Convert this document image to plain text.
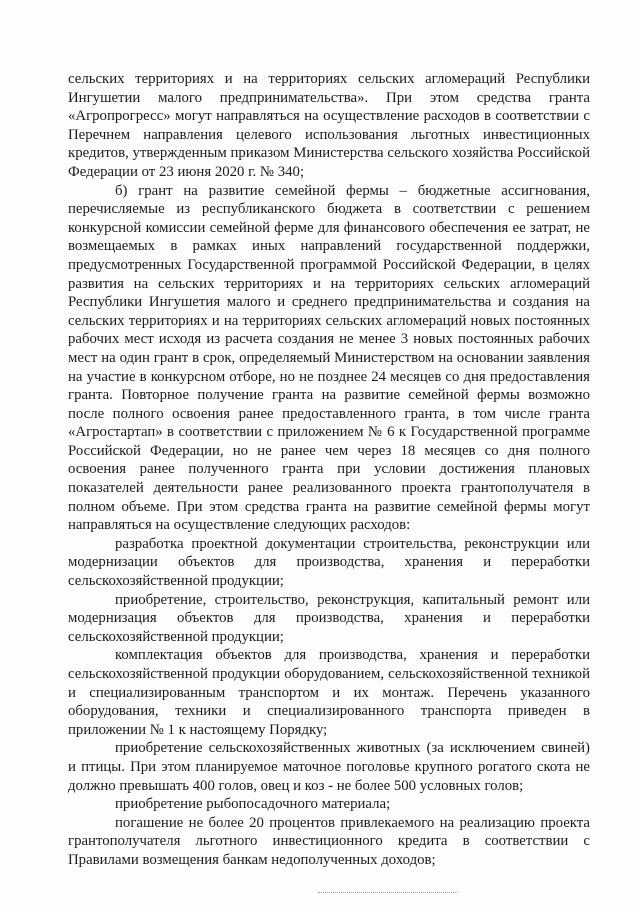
сельских территориях и на территориях сельских агломераций Республики Ингушетии малого предпринимательства». При этом средства гранта «Агропрогресс» могут направляться на осуществление расходов в соответствии с Перечнем направления целевого использования льготных инвестиционных кредитов, утвержденным приказом Министерства сельского хозяйства Российской Федерации от 23 июня 2020 г. № 340;

б) грант на развитие семейной фермы – бюджетные ассигнования, перечисляемые из республиканского бюджета в соответствии с решением конкурсной комиссии семейной ферме для финансового обеспечения ее затрат, не возмещаемых в рамках иных направлений государственной поддержки, предусмотренных Государственной программой Российской Федерации, в целях развития на сельских территориях и на территориях сельских агломераций Республики Ингушетия малого и среднего предпринимательства и создания на сельских территориях и на территориях сельских агломераций новых постоянных рабочих мест исходя из расчета создания не менее 3 новых постоянных рабочих мест на один грант в срок, определяемый Министерством на основании заявления на участие в конкурсном отборе, но не позднее 24 месяцев со дня предоставления гранта. Повторное получение гранта на развитие семейной фермы возможно после полного освоения ранее предоставленного гранта, в том числе гранта «Агростартап» в соответствии с приложением № 6 к Государственной программе Российской Федерации, но не ранее чем через 18 месяцев со дня полного освоения ранее полученного гранта при условии достижения плановых показателей деятельности ранее реализованного проекта грантополучателя в полном объеме. При этом средства гранта на развитие семейной фермы могут направляться на осуществление следующих расходов:

разработка проектной документации строительства, реконструкции или модернизации объектов для производства, хранения и переработки сельскохозяйственной продукции;

приобретение, строительство, реконструкция, капитальный ремонт или модернизация объектов для производства, хранения и переработки сельскохозяйственной продукции;

комплектация объектов для производства, хранения и переработки сельскохозяйственной продукции оборудованием, сельскохозяйственной техникой и специализированным транспортом и их монтаж. Перечень указанного оборудования, техники и специализированного транспорта приведен в приложении № 1 к настоящему Порядку;

приобретение сельскохозяйственных животных (за исключением свиней) и птицы. При этом планируемое маточное поголовье крупного рогатого скота не должно превышать 400 голов, овец и коз - не более 500 условных голов;

приобретение рыбопосадочного материала;

погашение не более 20 процентов привлекаемого на реализацию проекта грантополучателя льготного инвестиционного кредита в соответствии с Правилами возмещения банкам недополученных доходов;
